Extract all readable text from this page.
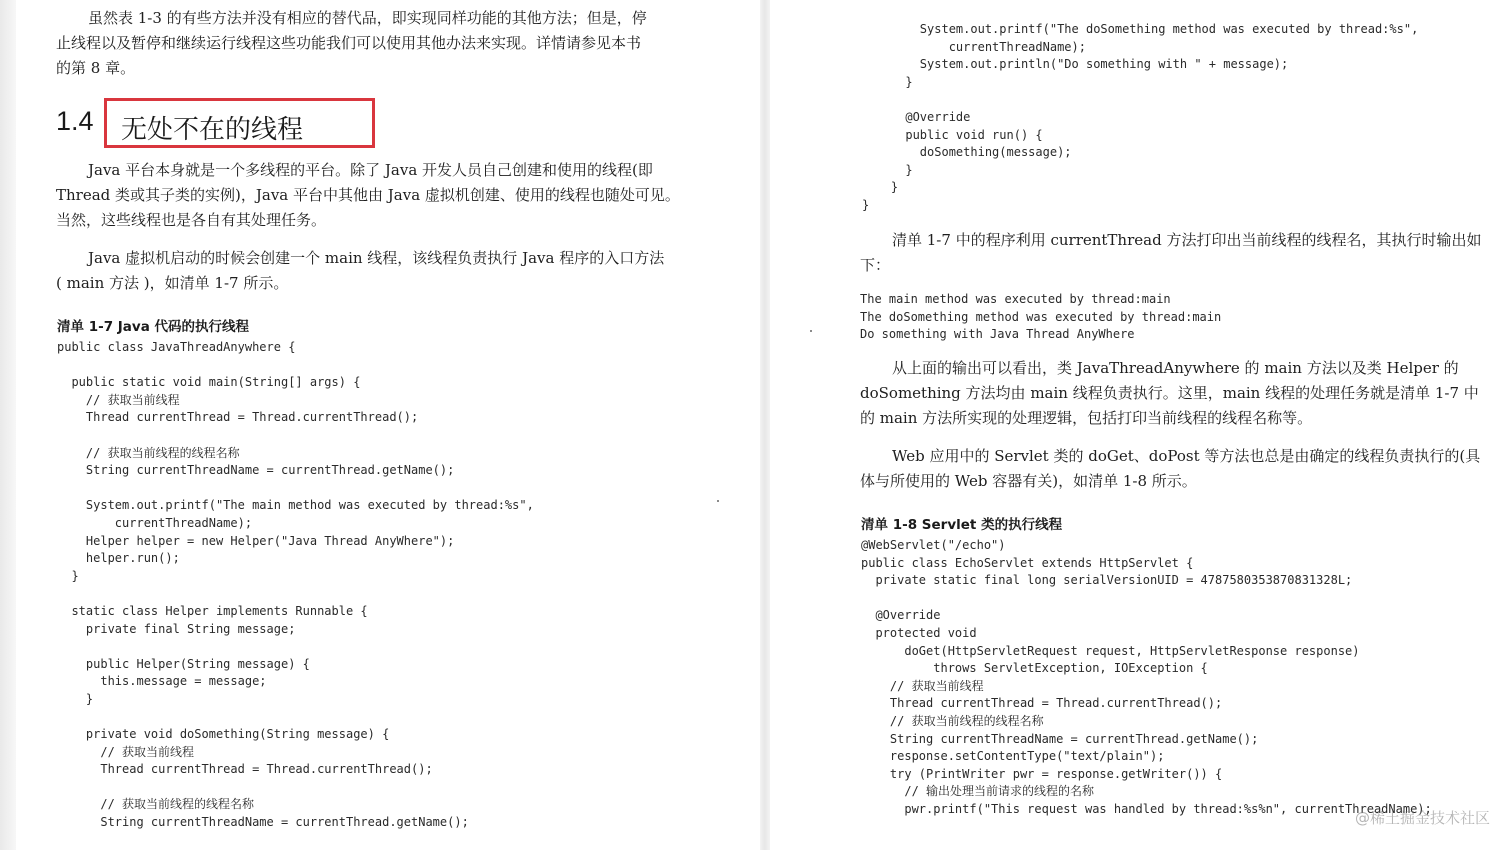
虽然表 1-3 的有些方法并没有相应的替代品，即实现同样功能的其他方法；但是，停
止线程以及暂停和继续运行线程这些功能我们可以使用其他办法来实现。详情请参见本书
的第 8 章。
1.4 无处不在的线程
Java 平台本身就是一个多线程的平台。除了 Java 开发人员自己创建和使用的线程(即
Thread 类或其子类的实例)，Java 平台中其他由 Java 虚拟机创建、使用的线程也随处可见。
当然，这些线程也是各自有其处理任务。
Java 虚拟机启动的时候会创建一个 main 线程，该线程负责执行 Java 程序的入口方法
( main 方法 )，如清单 1-7 所示。
清单 1-7 Java 代码的执行线程
public class JavaThreadAnywhere {

public static void main(String[] args) {
// 获取当前线程
Thread currentThread = Thread.currentThread();

// 获取当前线程的线程名称
String currentThreadName = currentThread.getName();

System.out.printf("The main method was executed by thread:%s",
currentThreadName);
Helper helper = new Helper("Java Thread AnyWhere");
helper.run();
}

static class Helper implements Runnable {
private final String message;

public Helper(String message) {
this.message = message;
}

private void doSomething(String message) {
// 获取当前线程
Thread currentThread = Thread.currentThread();

// 获取当前线程的线程名称
String currentThreadName = currentThread.getName();
System.out.printf("The doSomething method was executed by thread:%s",
currentThreadName);
System.out.println("Do something with " + message);
}

@Override
public void run() {
doSomething(message);
}
}
}
清单 1-7 中的程序利用 currentThread 方法打印出当前线程的线程名，其执行时输出如
下：
The main method was executed by thread:main
The doSomething method was executed by thread:main
Do something with Java Thread AnyWhere
从上面的输出可以看出，类 JavaThreadAnywhere 的 main 方法以及类 Helper 的
doSomething 方法均由 main 线程负责执行。这里，main 线程的处理任务就是清单 1-7 中
的 main 方法所实现的处理逻辑，包括打印当前线程的线程名称等。
Web 应用中的 Servlet 类的 doGet、doPost 等方法也总是由确定的线程负责执行的(具
体与所使用的 Web 容器有关)，如清单 1-8 所示。
清单 1-8 Servlet 类的执行线程
@WebServlet("/echo")
public class EchoServlet extends HttpServlet {
private static final long serialVersionUID = 4787580353870831328L;

@Override
protected void
doGet(HttpServletRequest request, HttpServletResponse response)
throws ServletException, IOException {
// 获取当前线程
Thread currentThread = Thread.currentThread();
// 获取当前线程的线程名称
String currentThreadName = currentThread.getName();
response.setContentType("text/plain");
try (PrintWriter pwr = response.getWriter()) {
// 输出处理当前请求的线程的名称
pwr.printf("This request was handled by thread:%s%n", currentThreadName);
@稀土掘金技术社区
